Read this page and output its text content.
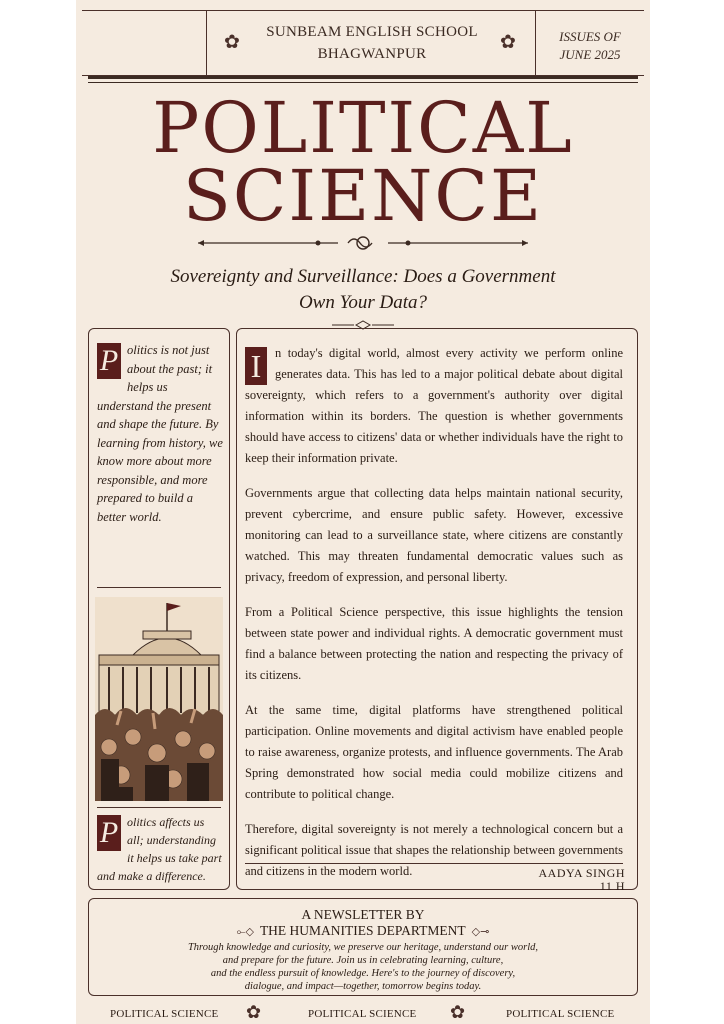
SUNBEAM ENGLISH SCHOOL
BHAGWANPUR
✿	✿	ISSUES OF
JUNE 2025
POLITICAL
SCIENCE
Sovereignty and Surveillance: Does a Government
Own Your Data?
P olitics is not just about the past; it helps us understand the present and shape the future. By learning from history, we know more about more responsible, and more prepared to build a better world.
P olitics affects us all; understanding it helps us take part and make a difference.

I	n today's digital world, almost every activity we perform online generates data. This has led to a major political debate about digital sovereignty, which refers to a government's authority over digital information within its borders. The question is whether governments should have access to citizens' data or whether individuals have the right to keep their information private.

Governments argue that collecting data helps maintain national security, prevent cybercrime, and ensure public safety. However, excessive monitoring can lead to a surveillance state, where citizens are constantly watched. This may threaten fundamental democratic values such as privacy, freedom of expression, and personal liberty.

From a Political Science perspective, this issue highlights the tension between state power and individual rights. A democratic government must find a balance between protecting the nation and respecting the privacy of its citizens.

At the same time, digital platforms have strengthened political participation. Online movements and digital activism have enabled people to raise awareness, organize protests, and influence governments. The Arab Spring demonstrated how social media could mobilize citizens and contribute to political change.

Therefore, digital sovereignty is not merely a technological concern but a significant political issue that shapes the relationship between governments and citizens in the modern world.	AADYA SINGH
11 H
A NEWSLETTER BY
⟜◇ THE HUMANITIES DEPARTMENT ◇⊸
Through knowledge and curiosity, we preserve our heritage, understand our world,
and prepare for the future. Join us in celebrating learning, culture,
and the endless pursuit of knowledge. Here's to the journey of discovery,
dialogue, and impact—together, tomorrow begins today.
POLITICAL SCIENCE ✿	POLITICAL SCIENCE ✿	POLITICAL SCIENCE
